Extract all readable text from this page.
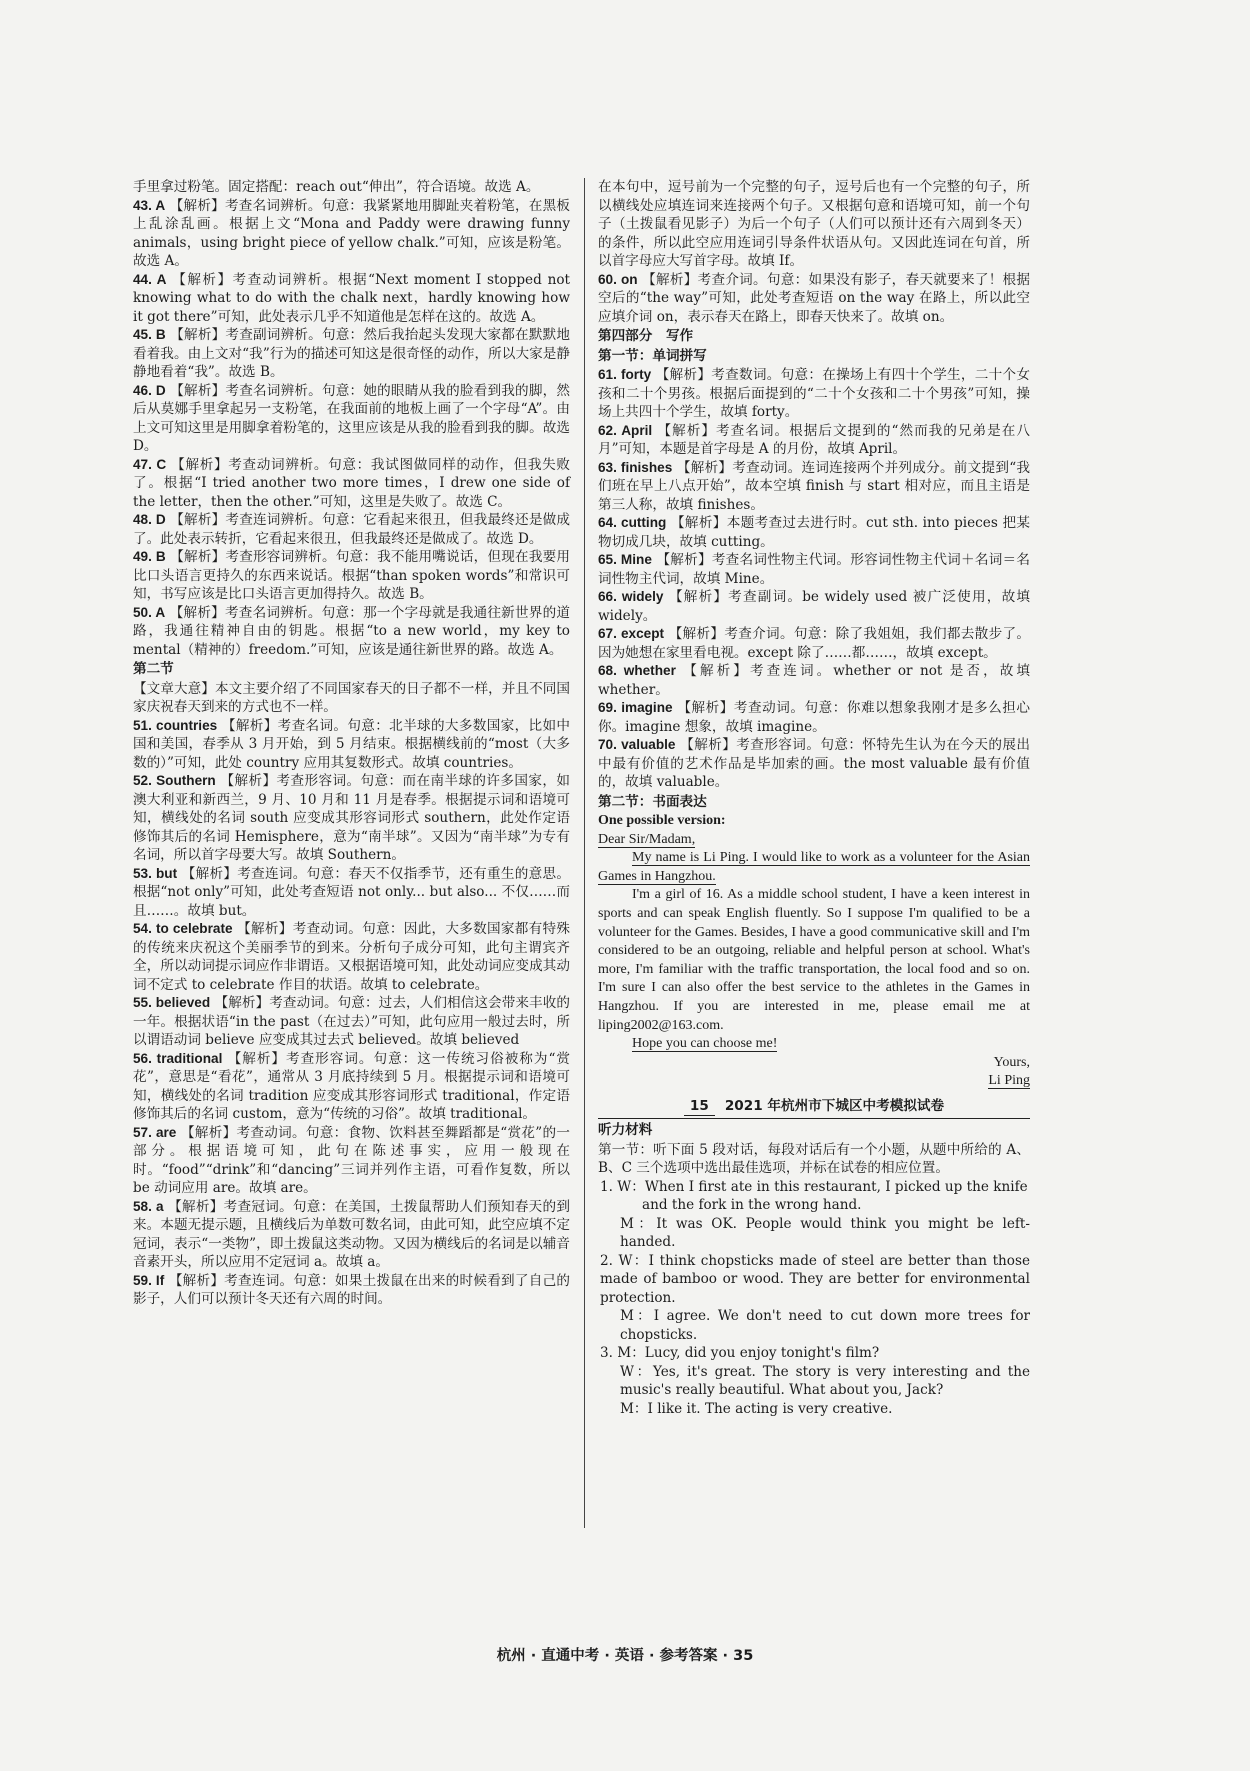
手里拿过粉笔。固定搭配：reach out“伸出”，符合语境。故选 A。

43. A 【解析】考查名词辨析。句意：我紧紧地用脚趾夹着粉笔，在黑板上乱涂乱画。根据上文“Mona and Paddy were drawing funny animals，using bright piece of yellow chalk.”可知，应该是粉笔。故选 A。

44. A 【解析】考查动词辨析。根据“Next moment I stopped not knowing what to do with the chalk next，hardly knowing how it got there”可知，此处表示几乎不知道他是怎样在这的。故选 A。

45. B 【解析】考查副词辨析。句意：然后我抬起头发现大家都在默默地看着我。由上文对“我”行为的描述可知这是很奇怪的动作，所以大家是静静地看着“我”。故选 B。

46. D 【解析】考查名词辨析。句意：她的眼睛从我的脸看到我的脚，然后从莫娜手里拿起另一支粉笔，在我面前的地板上画了一个字母“A”。由上文可知这里是用脚拿着粉笔的，这里应该是从我的脸看到我的脚。故选 D。

47. C 【解析】考查动词辨析。句意：我试图做同样的动作，但我失败了。根据“I tried another two more times，I drew one side of the letter，then the other.”可知，这里是失败了。故选 C。

48. D 【解析】考查连词辨析。句意：它看起来很丑，但我最终还是做成了。此处表示转折，它看起来很丑，但我最终还是做成了。故选 D。

49. B 【解析】考查形容词辨析。句意：我不能用嘴说话，但现在我要用比口头语言更持久的东西来说话。根据“than spoken words”和常识可知，书写应该是比口头语言更加得持久。故选 B。

50. A 【解析】考查名词辨析。句意：那一个字母就是我通往新世界的道路，我通往精神自由的钥匙。根据“to a new world，my key to mental（精神的）freedom.”可知，应该是通往新世界的路。故选 A。

第二节

【文章大意】本文主要介绍了不同国家春天的日子都不一样，并且不同国家庆祝春天到来的方式也不一样。

51. countries 【解析】考查名词。句意：北半球的大多数国家，比如中国和美国，春季从 3 月开始，到 5 月结束。根据横线前的“most（大多数的）”可知，此处 country 应用其复数形式。故填 countries。

52. Southern 【解析】考查形容词。句意：而在南半球的许多国家，如澳大利亚和新西兰，9 月、10 月和 11 月是春季。根据提示词和语境可知，横线处的名词 south 应变成其形容词形式 southern，此处作定语修饰其后的名词 Hemisphere，意为“南半球”。又因为“南半球”为专有名词，所以首字母要大写。故填 Southern。

53. but 【解析】考查连词。句意：春天不仅指季节，还有重生的意思。根据“not only”可知，此处考查短语 not only... but also... 不仅……而且……。故填 but。

54. to celebrate 【解析】考查动词。句意：因此，大多数国家都有特殊的传统来庆祝这个美丽季节的到来。分析句子成分可知，此句主谓宾齐全，所以动词提示词应作非谓语。又根据语境可知，此处动词应变成其动词不定式 to celebrate 作目的状语。故填 to celebrate。

55. believed 【解析】考查动词。句意：过去，人们相信这会带来丰收的一年。根据状语“in the past（在过去）”可知，此句应用一般过去时，所以谓语动词 believe 应变成其过去式 believed。故填 believed

56. traditional 【解析】考查形容词。句意：这一传统习俗被称为“赏花”，意思是“看花”，通常从 3 月底持续到 5 月。根据提示词和语境可知，横线处的名词 tradition 应变成其形容词形式 traditional，作定语修饰其后的名词 custom，意为“传统的习俗”。故填 traditional。

57. are 【解析】考查动词。句意：食物、饮料甚至舞蹈都是“赏花”的一部分。根据语境可知，此句在陈述事实，应用一般现在时。“food”“drink”和“dancing”三词并列作主语，可看作复数，所以 be 动词应用 are。故填 are。

58. a 【解析】考查冠词。句意：在美国，土拨鼠帮助人们预知春天的到来。本题无提示题，且横线后为单数可数名词，由此可知，此空应填不定冠词，表示“一类物”，即土拨鼠这类动物。又因为横线后的名词是以辅音音素开头，所以应用不定冠词 a。故填 a。

59. If 【解析】考查连词。句意：如果土拨鼠在出来的时候看到了自己的影子，人们可以预计冬天还有六周的时间。

在本句中，逗号前为一个完整的句子，逗号后也有一个完整的句子，所以横线处应填连词来连接两个句子。又根据句意和语境可知，前一个句子（土拨鼠看见影子）为后一个句子（人们可以预计还有六周到冬天）的条件，所以此空应用连词引导条件状语从句。又因此连词在句首，所以首字母应大写首字母。故填 If。

60. on 【解析】考查介词。句意：如果没有影子，春天就要来了！根据空后的“the way”可知，此处考查短语 on the way 在路上，所以此空应填介词 on，表示春天在路上，即春天快来了。故填 on。

第四部分　写作

第一节：单词拼写

61. forty 【解析】考查数词。句意：在操场上有四十个学生，二十个女孩和二十个男孩。根据后面提到的“二十个女孩和二十个男孩”可知，操场上共四十个学生，故填 forty。

62. April 【解析】考查名词。根据后文提到的“然而我的兄弟是在八月”可知，本题是首字母是 A 的月份，故填 April。

63. finishes 【解析】考查动词。连词连接两个并列成分。前文提到“我们班在早上八点开始”，故本空填 finish 与 start 相对应，而且主语是第三人称，故填 finishes。

64. cutting 【解析】本题考查过去进行时。cut sth. into pieces 把某物切成几块，故填 cutting。

65. Mine 【解析】考查名词性物主代词。形容词性物主代词＋名词＝名词性物主代词，故填 Mine。

66. widely 【解析】考查副词。be widely used 被广泛使用，故填 widely。

67. except 【解析】考查介词。句意：除了我姐姐，我们都去散步了。因为她想在家里看电视。except 除了……都……，故填 except。

68. whether 【解析】考查连词。whether or not 是否，故填 whether。

69. imagine 【解析】考查动词。句意：你难以想象我刚才是多么担心你。imagine 想象，故填 imagine。

70. valuable 【解析】考查形容词。句意：怀特先生认为在今天的展出中最有价值的艺术作品是毕加索的画。the most valuable 最有价值的，故填 valuable。

第二节：书面表达

One possible version:

Dear Sir/Madam,

My name is Li Ping. I would like to work as a volunteer for the Asian Games in Hangzhou.

I'm a girl of 16. As a middle school student, I have a keen interest in sports and can speak English fluently. So I suppose I'm qualified to be a volunteer for the Games. Besides, I have a good communicative skill and I'm considered to be an outgoing, reliable and helpful person at school. What's more, I'm familiar with the traffic transportation, the local food and so on. I'm sure I can also offer the best service to the athletes in the Games in Hangzhou. If you are interested in me, please email me at liping2002@163.com.

Hope you can choose me!

Yours,

Li Ping

15 2021 年杭州市下城区中考模拟试卷

听力材料

第一节：听下面 5 段对话，每段对话后有一个小题，从题中所给的 A、B、C 三个选项中选出最佳选项，并标在试卷的相应位置。

1. W：When I first ate in this restaurant, I picked up the knife

and the fork in the wrong hand.

M：It was OK. People would think you might be left-handed.

2. W：I think chopsticks made of steel are better than those made of bamboo or wood. They are better for environmental protection.

M：I agree. We don't need to cut down more trees for chopsticks.

3. M：Lucy, did you enjoy tonight's film?

W：Yes, it's great. The story is very interesting and the music's really beautiful. What about you, Jack?

M：I like it. The acting is very creative.

杭州 · 直通中考 · 英语 · 参考答案 · 35
